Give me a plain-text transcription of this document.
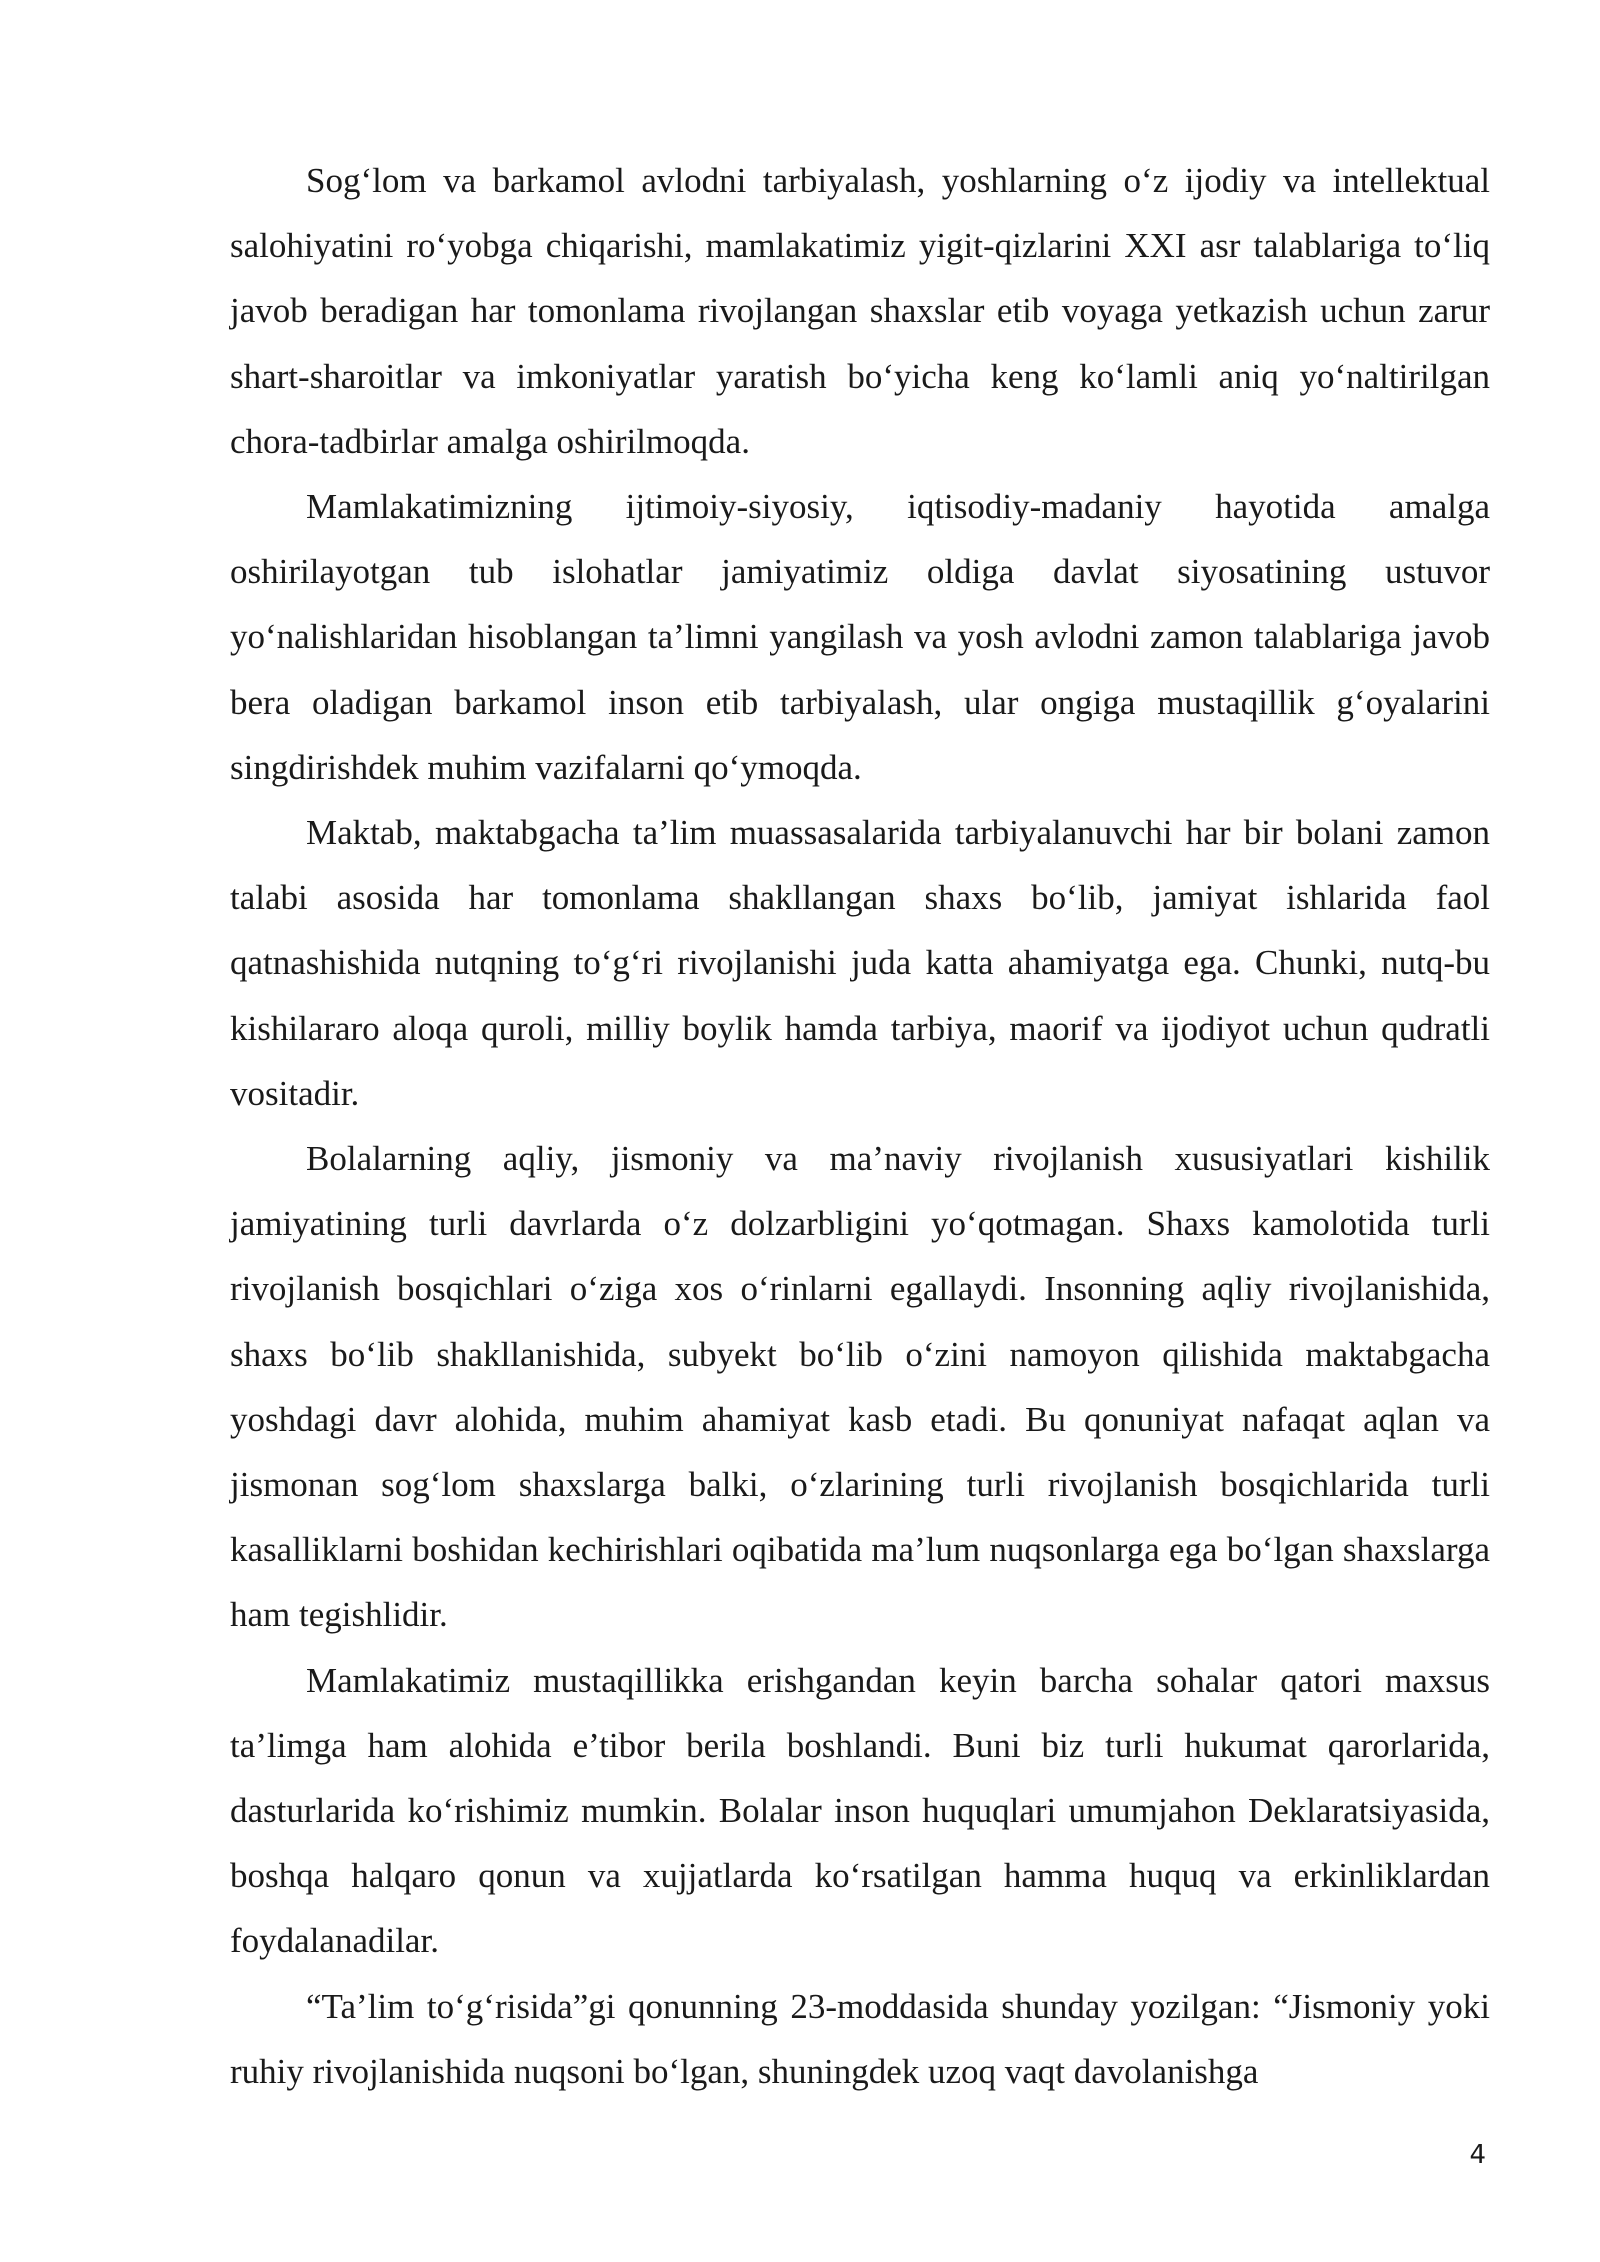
Sog‘lom va barkamol avlodni tarbiyalash, yoshlarning o‘z ijodiy va intellektual salohiyatini ro‘yobga chiqarishi, mamlakatimiz yigit-qizlarini XXI asr talablariga to‘liq javob beradigan har tomonlama rivojlangan shaxslar etib voyaga yetkazish uchun zarur shart-sharoitlar va imkoniyatlar yaratish bo‘yicha keng ko‘lamli aniq yo‘naltirilgan chora-tadbirlar amalga oshirilmoqda.

Mamlakatimizning ijtimoiy-siyosiy, iqtisodiy-madaniy hayotida amalga oshirilayotgan tub islohatlar jamiyatimiz oldiga davlat siyosatining ustuvor yo‘nalishlaridan hisoblangan ta’limni yangilash va yosh avlodni zamon talablariga javob bera oladigan barkamol inson etib tarbiyalash, ular ongiga mustaqillik g‘oyalarini singdirishdek muhim vazifalarni qo‘ymoqda.

Maktab, maktabgacha ta’lim muassasalarida tarbiyalanuvchi har bir bolani zamon talabi asosida har tomonlama shakllangan shaxs bo‘lib, jamiyat ishlarida faol qatnashishida nutqning to‘g‘ri rivojlanishi juda katta ahamiyatga ega. Chunki, nutq-bu kishilararo aloqa quroli, milliy boylik hamda tarbiya, maorif va ijodiyot uchun qudratli vositadir.

Bolalarning aqliy, jismoniy va ma’naviy rivojlanish xususiyatlari kishilik jamiyatining turli davrlarda o‘z dolzarbligini yo‘qotmagan. Shaxs kamolotida turli rivojlanish bosqichlari o‘ziga xos o‘rinlarni egallaydi. Insonning aqliy rivojlanishida, shaxs bo‘lib shakllanishida, subyekt bo‘lib o‘zini namoyon qilishida maktabgacha yoshdagi davr alohida, muhim ahamiyat kasb etadi. Bu qonuniyat nafaqat aqlan va jismonan sog‘lom shaxslarga balki, o‘zlarining turli rivojlanish bosqichlarida turli kasalliklarni boshidan kechirishlari oqibatida ma’lum nuqsonlarga ega bo‘lgan shaxslarga ham tegishlidir.

Mamlakatimiz mustaqillikka erishgandan keyin barcha sohalar qatori maxsus ta’limga ham alohida e’tibor berila boshlandi. Buni biz turli hukumat qarorlarida, dasturlarida ko‘rishimiz mumkin. Bolalar inson huquqlari umumjahon Deklaratsiyasida, boshqa halqaro qonun va xujjatlarda ko‘rsatilgan hamma huquq va erkinliklardan foydalanadilar.

“Ta’lim to‘g‘risida”gi qonunning 23-moddasida shunday yozilgan: “Jismoniy yoki ruhiy rivojlanishida nuqsoni bo‘lgan, shuningdek uzoq vaqt davolanishga

4
